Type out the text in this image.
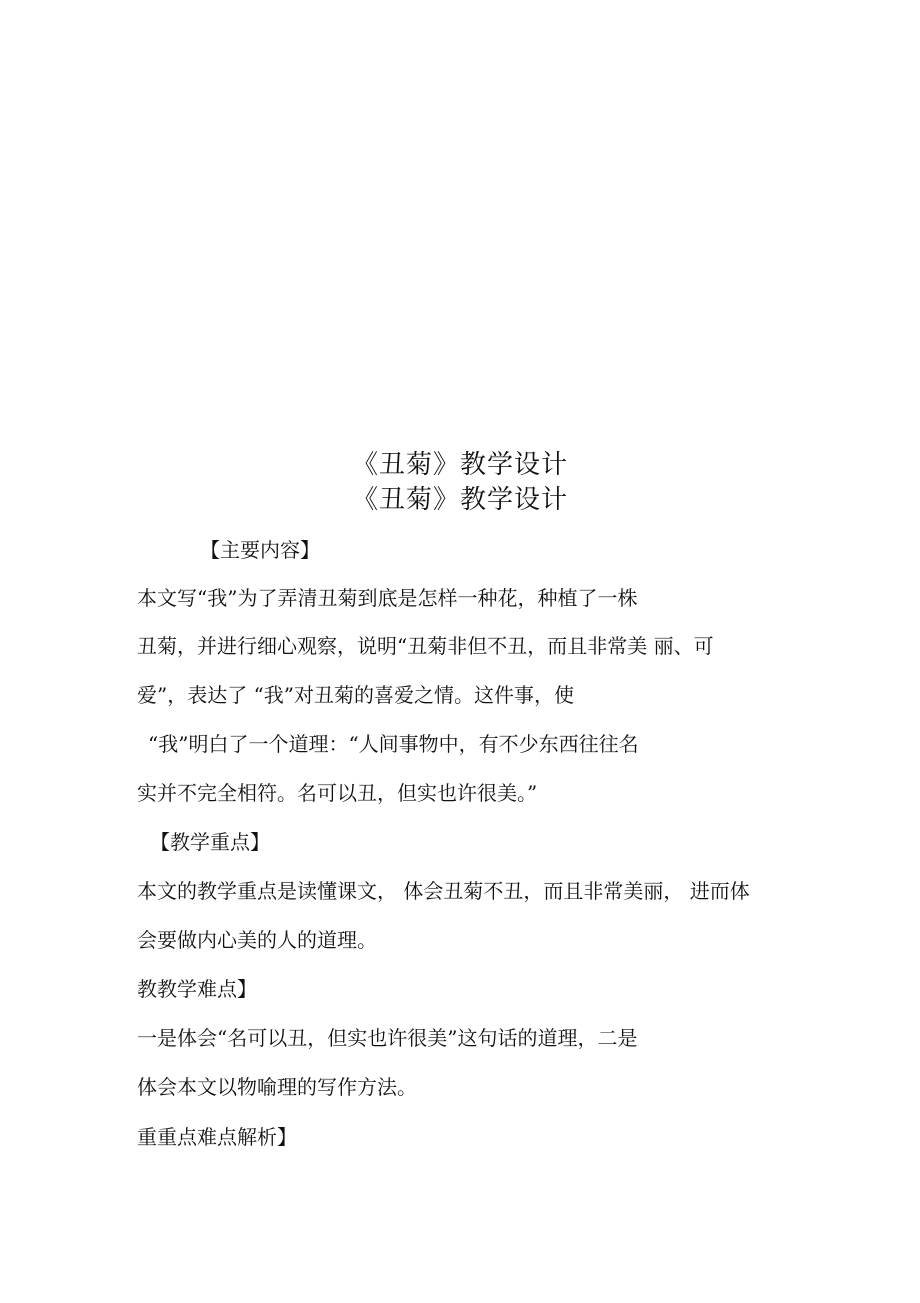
《丑菊》教学设计
《丑菊》教学设计
【主要内容】
本文写“我”为了弄清丑菊到底是怎样一种花，种植了一株
丑菊，并进行细心观察，说明“丑菊非但不丑，而且非常美 丽、可
爱”，表达了 “我”对丑菊的喜爱之情。这件事，使
“我”明白了一个道理：“人间事物中，有不少东西往往名
实并不完全相符。名可以丑，但实也许很美。”
【教学重点】
本文的教学重点是读懂课文， 体会丑菊不丑，而且非常美丽， 进而体
会要做内心美的人的道理。
教教学难点】
一是体会“名可以丑，但实也许很美”这句话的道理，二是
体会本文以物喻理的写作方法。
重重点难点解析】
